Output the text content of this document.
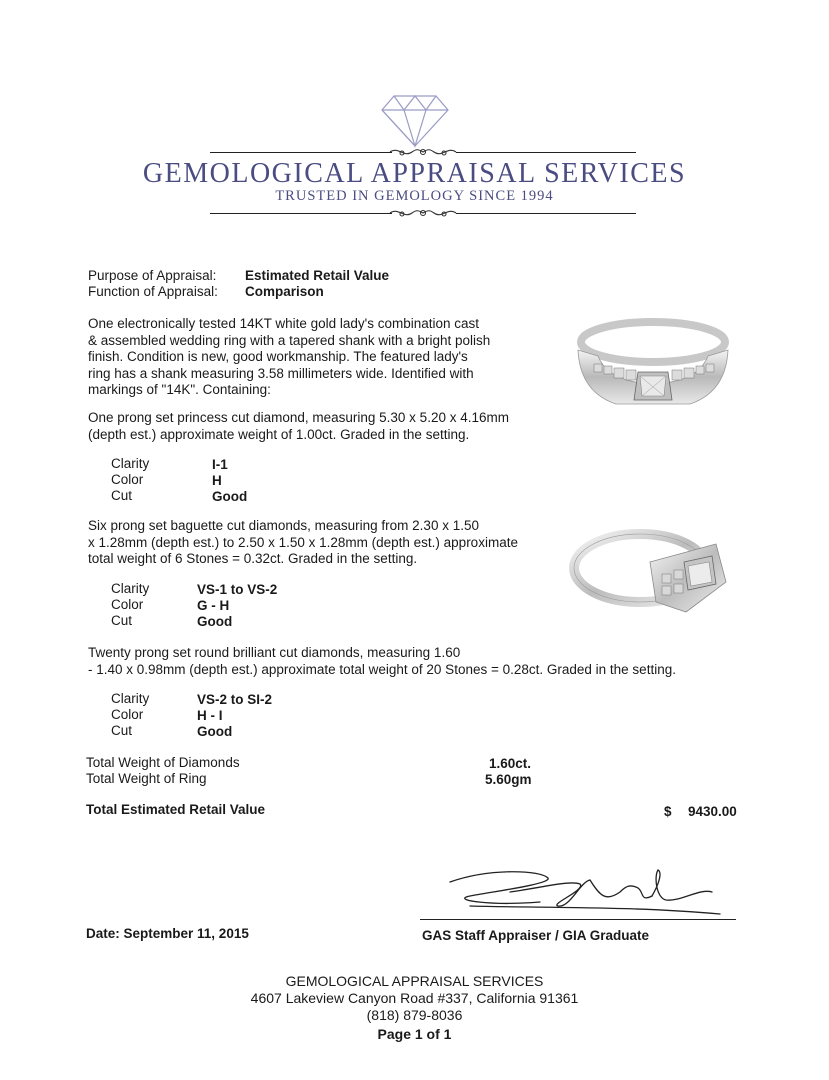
GEMOLOGICAL APPRAISAL SERVICES
TRUSTED IN GEMOLOGY SINCE 1994
Purpose of Appraisal: Estimated Retail Value
Function of Appraisal: Comparison
One electronically tested 14KT white gold lady's combination cast
& assembled wedding ring with a tapered shank with a bright polish
finish. Condition is new, good workmanship. The featured lady's
ring has a shank measuring 3.58 millimeters wide. Identified with
markings of "14K". Containing:
One prong set princess cut diamond, measuring 5.30 x 5.20 x 4.16mm
(depth est.) approximate weight of 1.00ct. Graded in the setting.
Clarity	I-1
Color	H
Cut	Good
Six prong set baguette cut diamonds, measuring from 2.30 x 1.50
x 1.28mm (depth est.) to 2.50 x 1.50 x 1.28mm (depth est.) approximate
total weight of 6 Stones = 0.32ct. Graded in the setting.
Clarity	VS-1 to VS-2
Color	G - H
Cut	Good
Twenty prong set round brilliant cut diamonds, measuring 1.60
- 1.40 x 0.98mm (depth est.) approximate total weight of 20 Stones = 0.28ct. Graded in the setting.
Clarity	VS-2 to SI-2
Color	H - I
Cut	Good
Total Weight of Diamonds	1.60ct.
Total Weight of Ring	5.60gm
Total Estimated Retail Value	$ 9430.00
Date: September 11, 2015	GAS Staff Appraiser / GIA Graduate
GEMOLOGICAL APPRAISAL SERVICES
4607 Lakeview Canyon Road #337, California 91361
(818) 879-8036
Page 1 of 1
